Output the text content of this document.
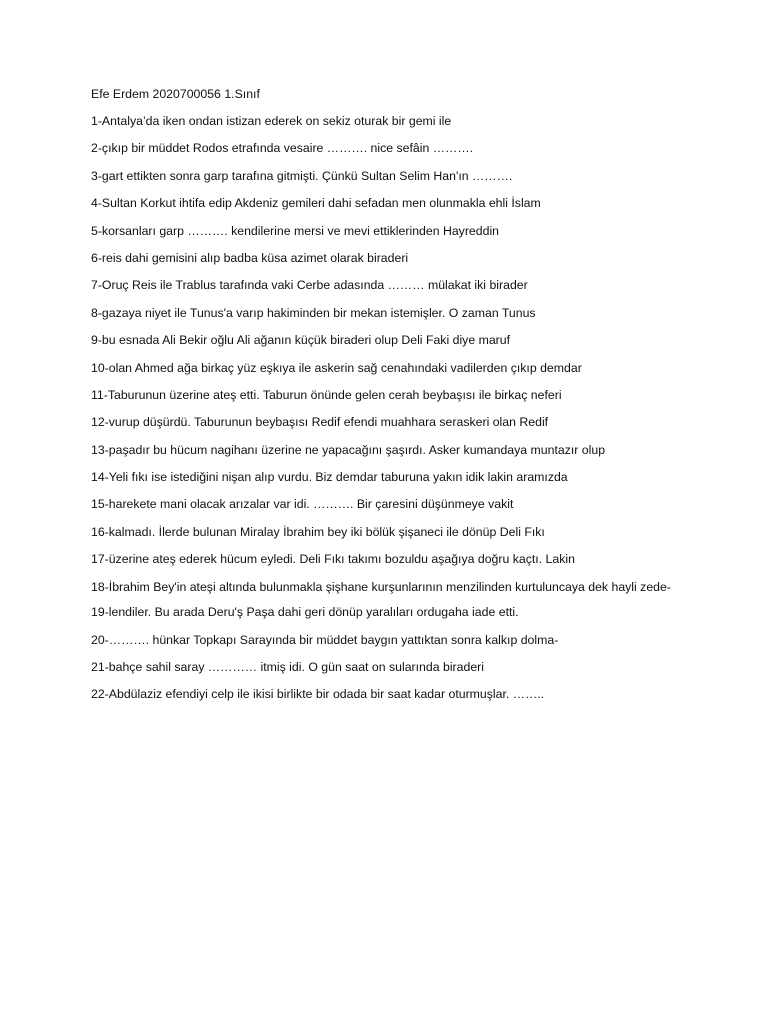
Efe Erdem 2020700056 1.Sınıf
1-Antalya’da iken ondan istizan ederek on sekiz oturak bir gemi ile
2-çıkıp bir müddet Rodos etrafında vesaire ………. nice sefâin ……….
3-gart ettikten sonra garp tarafına gitmişti. Çünkü Sultan Selim Han'ın ……….
4-Sultan Korkut ihtifa edip Akdeniz gemileri dahi sefadan men olunmakla ehli İslam
5-korsanları garp ………. kendilerine mersi ve mevi ettiklerinden Hayreddin
6-reis dahi gemisini alıp badba küsa azimet olarak biraderi
7-Oruç Reis ile Trablus tarafında vaki Cerbe adasında ……… mülakat iki birader
8-gazaya niyet ile Tunus'a varıp hakiminden bir mekan istemişler. O zaman Tunus
9-bu esnada Ali Bekir oğlu Ali ağanın küçük biraderi olup Deli Faki diye maruf
10-olan Ahmed ağa birkaç yüz eşkıya ile askerin sağ cenahındaki vadilerden çıkıp demdar
11-Taburunun üzerine ateş etti. Taburun önünde gelen cerah beybaşısı ile birkaç neferi
12-vurup düşürdü. Taburunun beybaşısı Redif efendi muahhara seraskeri olan Redif
13-paşadır bu hücum nagihanı üzerine ne yapacağını şaşırdı. Asker kumandaya muntazır olup
14-Yeli fıkı ise istediğini nişan alıp vurdu. Biz demdar taburuna yakın idik lakin aramızda
15-harekete mani olacak arızalar var idi. ………. Bir çaresini düşünmeye vakit
16-kalmadı. İlerde bulunan Miralay İbrahim bey iki bölük şişaneci ile dönüp Deli Fıkı
17-üzerine ateş ederek hücum eyledi. Deli Fıkı takımı bozuldu aşağıya doğru kaçtı. Lakin
18-İbrahim Bey'in ateşi altında bulunmakla şişhane kurşunlarının menzilinden kurtuluncaya dek hayli zede-
19-lendiler. Bu arada Deru'ş Paşa dahi geri dönüp yaralıları ordugaha iade etti.
20-………. hünkar Topkapı Sarayında bir müddet baygın yattıktan sonra kalkıp dolma-
21-bahçe sahil saray ………… itmiş idi. O gün saat on sularında biraderi
22-Abdülaziz efendiyi celp ile ikisi birlikte bir odada bir saat kadar oturmuşlar. ……..
